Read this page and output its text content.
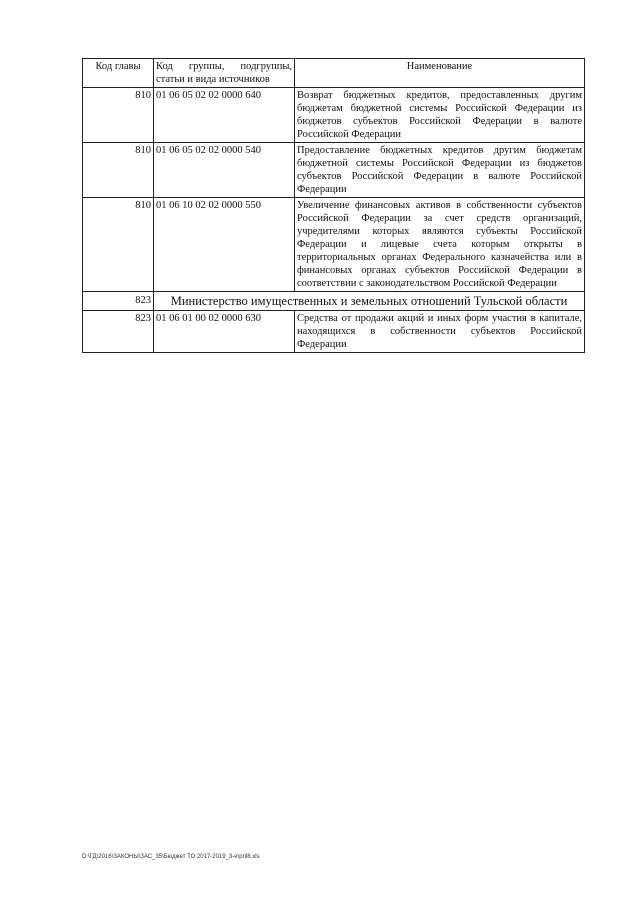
Код главы	Код группы, подгруппы, статьи и вида источников	Наименование
810	01 06 05 02 02 0000 640	Возврат бюджетных кредитов, предоставленных другим бюджетам бюджетной системы Российской Федерации из бюджетов субъектов Российской Федерации в валюте Российской Федерации
810	01 06 05 02 02 0000 540	Предоставление бюджетных кредитов другим бюджетам бюджетной системы Российской Федерации из бюджетов субъектов Российской Федерации в валюте Российской Федерации
810	01 06 10 02 02 0000 550	Увеличение финансовых активов в собственности субъектов Российской Федерации за счет средств организаций, учредителями которых являются субъекты Российской Федерации и лицевые счета которым открыты в территориальных органах Федерального казначейства или в финансовых органах субъектов Российской Федерации в соответствии с законодательством Российской Федерации
823	Министерство имущественных и земельных отношений Тульской области	
823	01 06 01 00 02 0000 630	Средства от продажи акций и иных форм участия в капитале, находящихся в собственности субъектов Российской Федерации
D:\ГД\2016\ЗАКОНЫ\ЗАС_35\Бюджет ТО 2017-2019_3-е\pril8.xls
